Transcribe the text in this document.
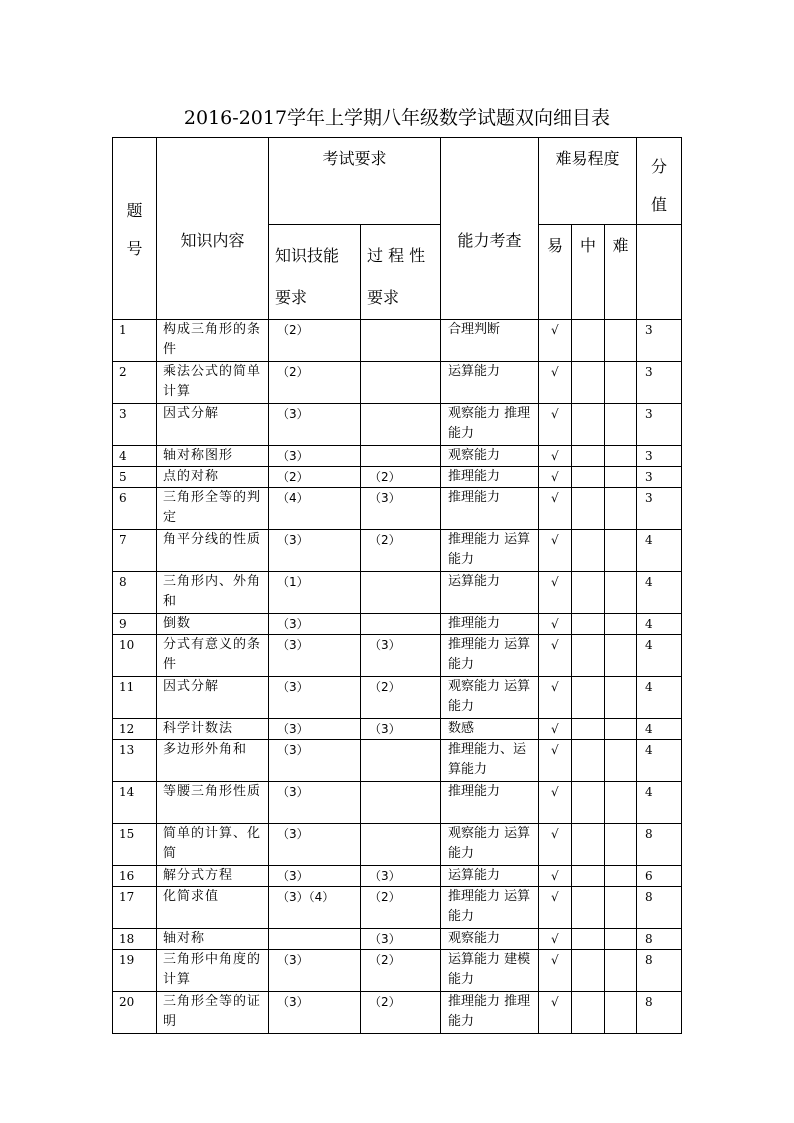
2016-2017学年上学期八年级数学试题双向细目表
题
号	知识内容	考试要求		能力考查	难易程度			分
值
		知识技能
要求	过 程 性
要求		易	中	难	
1	构成三角形的条件	（2）		合理判断	√			3
2	乘法公式的简单计算	（2）		运算能力	√			3
3	因式分解	（3）		观察能力 推理能力	√			3
4	轴对称图形	（3）		观察能力	√			3
5	点的对称	（2）	（2）	推理能力	√			3
6	三角形全等的判定	（4）	（3）	推理能力	√			3
7	角平分线的性质	（3）	（2）	推理能力 运算能力	√			4
8	三角形内、外角和	（1）		运算能力	√			4
9	倒数	（3）		推理能力	√			4
10	分式有意义的条件	（3）	（3）	推理能力 运算能力	√			4
11	因式分解	（3）	（2）	观察能力 运算能力	√			4
12	科学计数法	（3）	（3）	数感	√			4
13	多边形外角和	（3）		推理能力、运算能力	√			4
14	等腰三角形性质	（3）		推理能力	√			4
15	简单的计算、化简	（3）		观察能力 运算能力	√			8
16	解分式方程	（3）	（3）	运算能力	√			6
17	化简求值	（3）（4）	（2）	推理能力 运算能力	√			8
18	轴对称		（3）	观察能力	√			8
19	三角形中角度的计算	（3）	（2）	运算能力 建模能力	√			8
20	三角形全等的证明	（3）	（2）	推理能力 推理能力	√			8
